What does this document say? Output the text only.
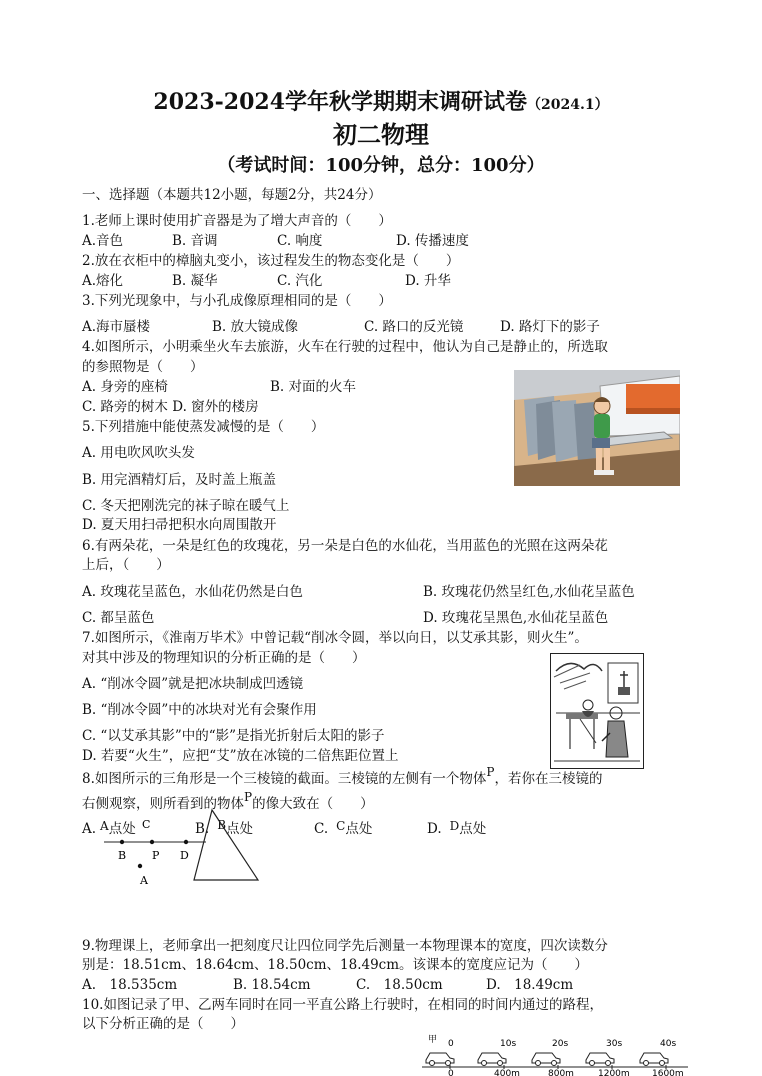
2023-2024学年秋学期期末调研试卷（2024.1）
初二物理
（考试时间：100分钟，总分：100分）
一、选择题（本题共12小题，每题2分，共24分）
1.老师上课时使用扩音器是为了增大声音的（　　）
A.音色	B. 音调	C. 响度	D. 传播速度
2.放在衣柜中的樟脑丸变小，该过程发生的物态变化是（　　）
A.熔化	B. 凝华	C. 汽化	D. 升华
3.下列光现象中，与小孔成像原理相同的是（　　）
A.海市蜃楼	B. 放大镜成像	C. 路口的反光镜	D. 路灯下的影子
4.如图所示，小明乘坐火车去旅游，火车在行驶的过程中，他认为自己是静止的，所选取
的参照物是（　　）
A. 身旁的座椅	B. 对面的火车
C. 路旁的树木 D. 窗外的楼房
5.下列措施中能使蒸发减慢的是（　　）
A. 用电吹风吹头发
B. 用完酒精灯后，及时盖上瓶盖
C. 冬天把刚洗完的袜子晾在暖气上
D. 夏天用扫帚把积水向周围散开
6.有两朵花，一朵是红色的玫瑰花，另一朵是白色的水仙花，当用蓝色的光照在这两朵花
上后，（　　）
A. 玫瑰花呈蓝色，水仙花仍然是白色	B. 玫瑰花仍然呈红色,水仙花呈蓝色
C. 都呈蓝色	D. 玫瑰花呈黑色,水仙花呈蓝色
7.如图所示，《淮南万毕术》中曾记载“削冰令圆，举以向日，以艾承其影，则火生”。
对其中涉及的物理知识的分析正确的是（　　）
A. “削冰令圆”就是把冰块制成凹透镜
B. “削冰令圆”中的冰块对光有会聚作用
C. “以艾承其影”中的“影”是指光折射后太阳的影子
D. 若要“火生”，应把“艾”放在冰镜的二倍焦距位置上
8.如图所示的三角形是一个三棱镜的截面。三棱镜的左侧有一个物体P，若你在三棱镜的
右侧观察，则所看到的物体P的像大致在（　　）
A. A点处	B. B点处	C. C点处	D. D点处
C
B P D
A
9.物理课上，老师拿出一把刻度尺让四位同学先后测量一本物理课本的宽度，四次读数分
别是：18.51cm、18.64cm、18.50cm、18.49cm。该课本的宽度应记为（　　）
A.　18.535cm	B. 18.54cm	C.　18.50cm	D.　18.49cm
10.如图记录了甲、乙两车同时在同一平直公路上行驶时，在相同的时间内通过的路程，
以下分析正确的是（　　）
甲 0	10s	20s	30s	40s
0	400m	800m	1200m 1600m
